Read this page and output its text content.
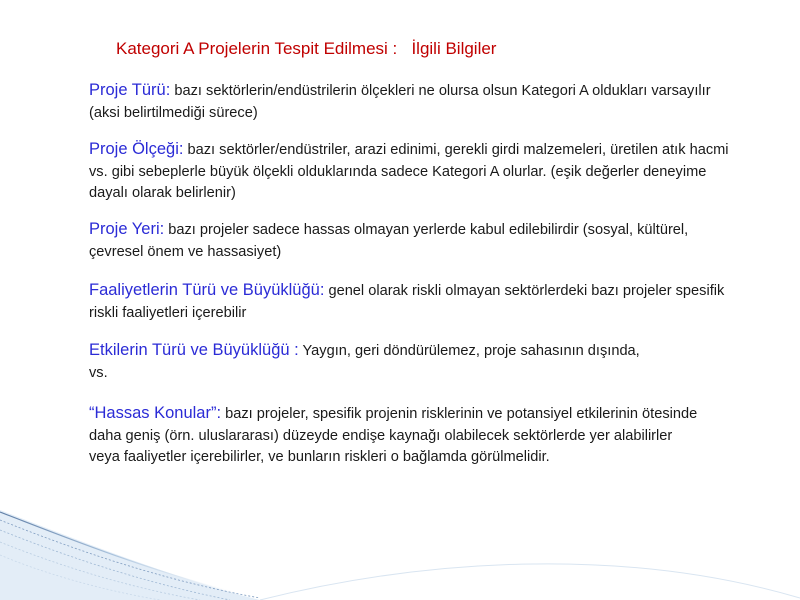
Kategori A Projelerin Tespit Edilmesi :   İlgili Bilgiler
Proje Türü: bazı sektörlerin/endüstrilerin ölçekleri ne olursa olsun Kategori A oldukları varsayılır (aksi belirtilmediği sürece)
Proje Ölçeği: bazı sektörler/endüstriler, arazi edinimi, gerekli girdi malzemeleri, üretilen atık hacmi vs. gibi sebeplerle büyük ölçekli olduklarında sadece Kategori A olurlar. (eşik değerler deneyime dayalı olarak belirlenir)
Proje Yeri: bazı projeler sadece hassas olmayan yerlerde kabul edilebilirdir (sosyal, kültürel, çevresel önem ve hassasiyet)
Faaliyetlerin Türü ve Büyüklüğü: genel olarak riskli olmayan sektörlerdeki bazı projeler spesifik riskli faaliyetleri içerebilir
Etkilerin Türü ve Büyüklüğü : Yaygın, geri döndürülemez, proje sahasının dışında, vs.
“Hassas Konular”: bazı projeler, spesifik projenin risklerinin ve potansiyel etkilerinin ötesinde daha geniş (örn. uluslararası) düzeyde endişe kaynağı olabilecek sektörlerde yer alabilirler veya faaliyetler içerebilirler, ve bunların riskleri o bağlamda görülmelidir.
